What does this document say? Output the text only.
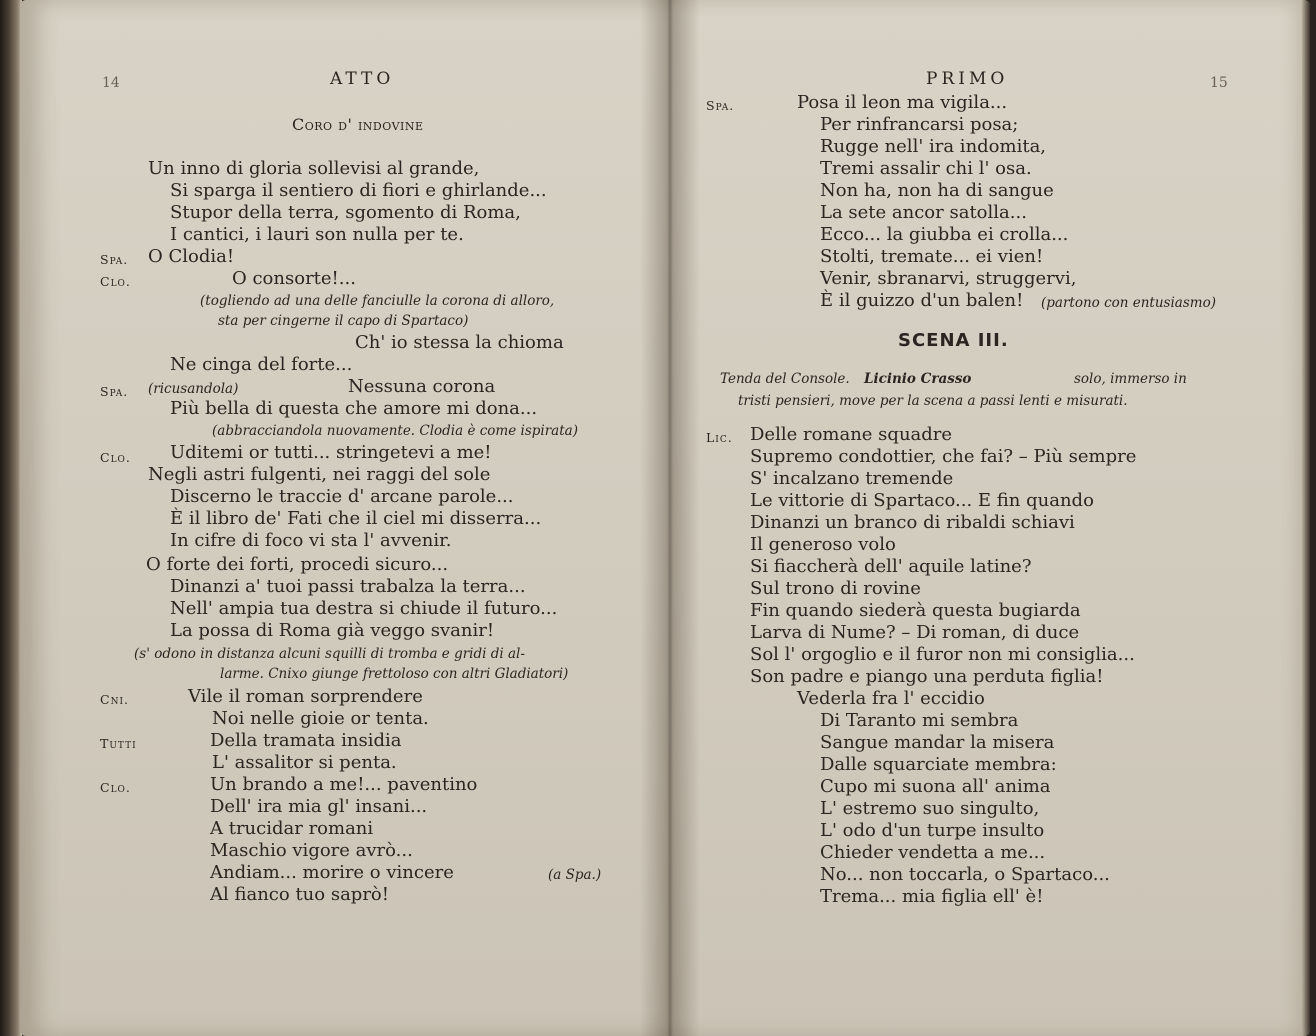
14	ATTO
Coro d' indovine
Un inno di gloria sollevisi al grande,
Si sparga il sentiero di fiori e ghirlande...
Stupor della terra, sgomento di Roma,
I cantici, i lauri son nulla per te.
Spa. O Clodia!
Clo.	O consorte!...
(togliendo ad una delle fanciulle la corona di alloro,
sta per cingerne il capo di Spartaco)
Ch' io stessa la chioma
Ne cinga del forte...
Spa. (ricusandola)	Nessuna corona
Più bella di questa che amore mi dona...
(abbracciandola nuovamente. Clodia è come ispirata)
Clo. Uditemi or tutti... stringetevi a me!
Negli astri fulgenti, nei raggi del sole
Discerno le traccie d' arcane parole...
È il libro de' Fati che il ciel mi disserra...
In cifre di foco vi sta l' avvenir.
O forte dei forti, procedi sicuro...
Dinanzi a' tuoi passi trabalza la terra...
Nell' ampia tua destra si chiude il futuro...
La possa di Roma già veggo svanir!
(s' odono in distanza alcuni squilli di tromba e gridi di al-
larme. Cnixo giunge frettoloso con altri Gladiatori)
Cni.	Vile il roman sorprendere
Noi nelle gioie or tenta.
Tutti	Della tramata insidia
L' assalitor si penta.
Clo.	Un brando a me!... paventino
Dell' ira mia gl' insani...
A trucidar romani
Maschio vigore avrò...
Andiam... morire o vincere	(a Spa.)
Al fianco tuo saprò!
PRIMO	15
Spa.	Posa il leon ma vigila...
Per rinfrancarsi posa;
Rugge nell' ira indomita,
Tremi assalir chi l' osa.
Non ha, non ha di sangue
La sete ancor satolla...
Ecco... la giubba ei crolla...
Stolti, tremate... ei vien!
Venir, sbranarvi, struggervi,
È il guizzo d'un balen! (partono con entusiasmo)
SCENA III.
Tenda del Console. Licinio Crasso	solo, immerso in
tristi pensieri, move per la scena a passi lenti e misurati.
Lic. Delle romane squadre
Supremo condottier, che fai? – Più sempre
S' incalzano tremende
Le vittorie di Spartaco... E fin quando
Dinanzi un branco di ribaldi schiavi
Il generoso volo
Si fiaccherà dell' aquile latine?
Sul trono di rovine
Fin quando siederà questa bugiarda
Larva di Nume? – Di roman, di duce
Sol l' orgoglio e il furor non mi consiglia...
Son padre e piango una perduta figlia!
Vederla fra l' eccidio
Di Taranto mi sembra
Sangue mandar la misera
Dalle squarciate membra:
Cupo mi suona all' anima
L' estremo suo singulto,
L' odo d'un turpe insulto
Chieder vendetta a me...
No... non toccarla, o Spartaco...
Trema... mia figlia ell' è!
